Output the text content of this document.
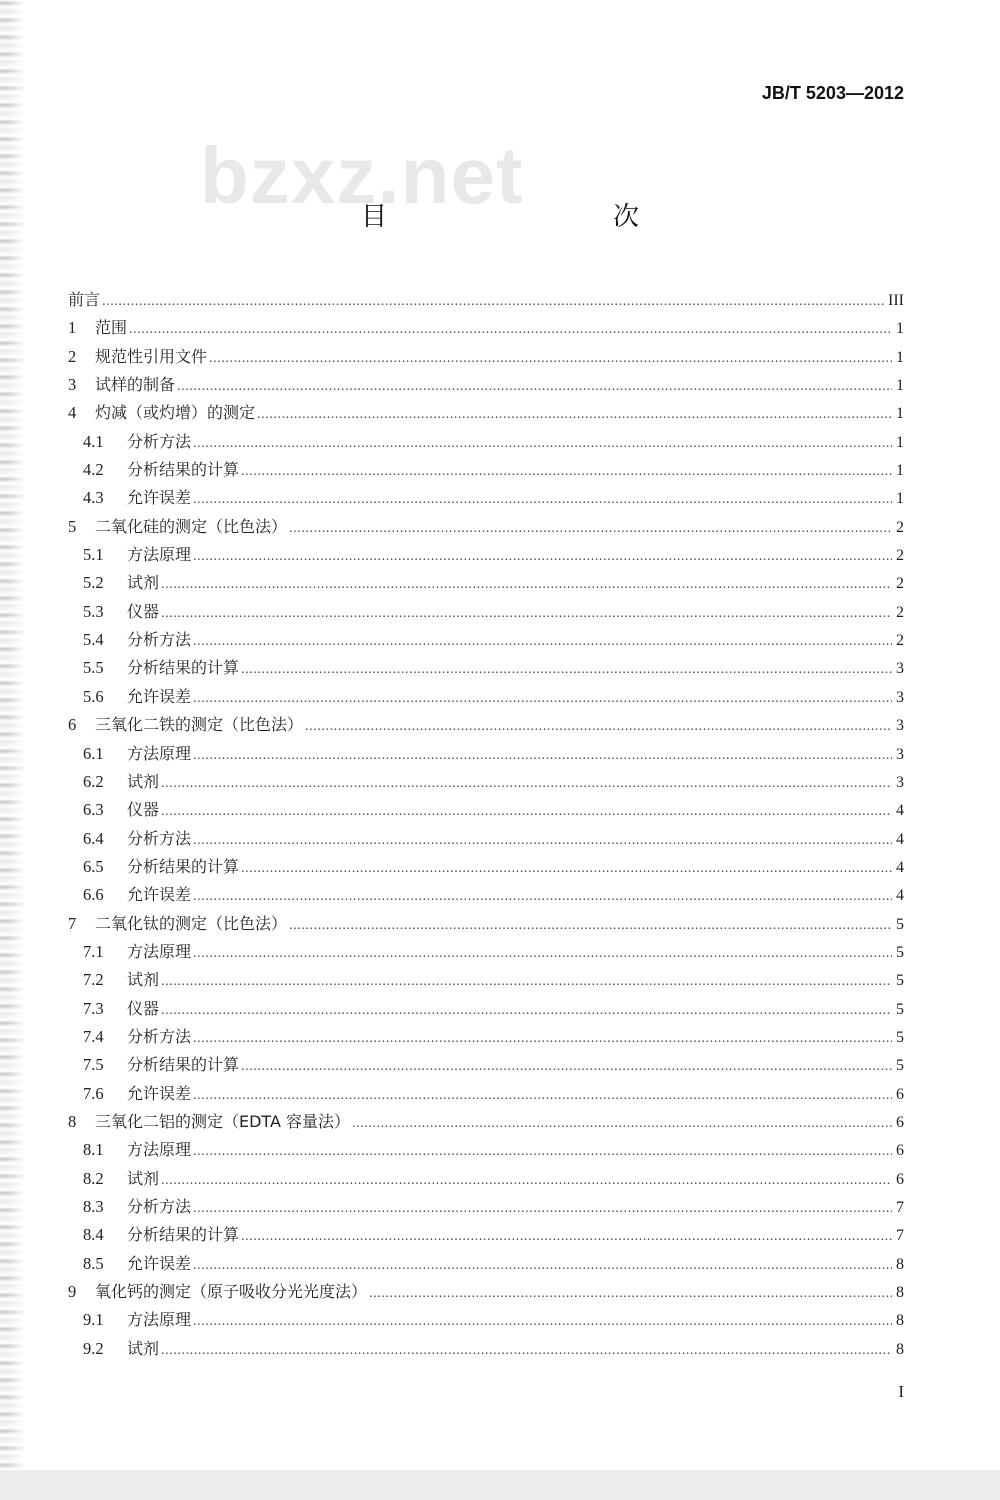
JB/T 5203—2012
bzxz.net
目　　次
前言 .....	III
1	范围 .....	1
2	规范性引用文件 .....	1
3	试样的制备 .....	1
4	灼减（或灼增）的测定 .....	1
4.1	分析方法 .....	1
4.2	分析结果的计算 .....	1
4.3	允许误差 .....	1
5	二氧化硅的测定（比色法） .....	2
5.1	方法原理 .....	2
5.2	试剂 .....	2
5.3	仪器 .....	2
5.4	分析方法 .....	2
5.5	分析结果的计算 .....	3
5.6	允许误差 .....	3
6	三氧化二铁的测定（比色法） .....	3
6.1	方法原理 .....	3
6.2	试剂 .....	3
6.3	仪器 .....	4
6.4	分析方法 .....	4
6.5	分析结果的计算 .....	4
6.6	允许误差 .....	4
7	二氧化钛的测定（比色法） .....	5
7.1	方法原理 .....	5
7.2	试剂 .....	5
7.3	仪器 .....	5
7.4	分析方法 .....	5
7.5	分析结果的计算 .....	5
7.6	允许误差 .....	6
8	三氧化二铝的测定（EDTA 容量法） .....	6
8.1	方法原理 .....	6
8.2	试剂 .....	6
8.3	分析方法 .....	7
8.4	分析结果的计算 .....	7
8.5	允许误差 .....	8
9	氧化钙的测定（原子吸收分光光度法） .....	8
9.1	方法原理 .....	8
9.2	试剂 .....	8
I
